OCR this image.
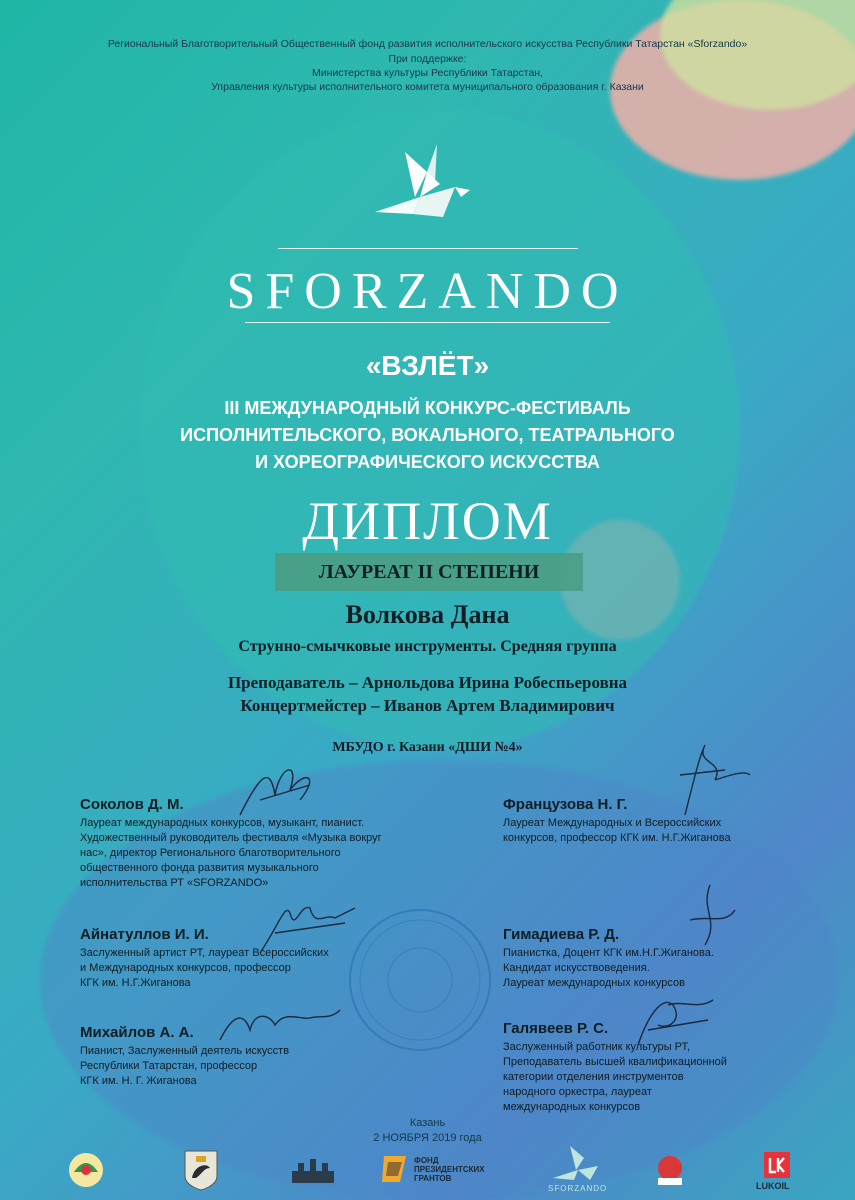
Региональный Благотворительный Общественный фонд развития исполнительского искусства Республики Татарстан «Sforzando»
При поддержке:
Министерства культуры Республики Татарстан,
Управления культуры исполнительного комитета муниципального образования г. Казани
SFORZANDO
«ВЗЛЁТ»
III МЕЖДУНАРОДНЫЙ КОНКУРС-ФЕСТИВАЛЬ
ИСПОЛНИТЕЛЬСКОГО, ВОКАЛЬНОГО, ТЕАТРАЛЬНОГО
И ХОРЕОГРАФИЧЕСКОГО ИСКУССТВА
ДИПЛОМ
ЛАУРЕАТ II СТЕПЕНИ
Волкова Дана
Струнно-смычковые инструменты. Средняя группа
Преподаватель – Арнольдова Ирина Робеспьеровна
Концертмейстер – Иванов Артем Владимирович
МБУДО г. Казани «ДШИ №4»
Соколов Д. М.
Лауреат международных конкурсов, музыкант, пианист.
Художественный руководитель фестиваля «Музыка вокруг
нас», директор Регионального благотворительного
общественного фонда развития музыкального
исполнительства РТ «SFORZANDO»
Французова Н. Г.
Лауреат Международных и Всероссийских
конкурсов, профессор КГК им. Н.Г.Жиганова
Айнатуллов И. И.
Заслуженный артист РТ, лауреат Всероссийских
и Международных конкурсов, профессор
КГК им. Н.Г.Жиганова
Гимадиева Р. Д.
Пианистка, Доцент КГК им.Н.Г.Жиганова.
Кандидат искусствоведения.
Лауреат международных конкурсов
Михайлов А. А.
Пианист, Заслуженный деятель искусств
Республики Татарстан, профессор
КГК им. Н. Г. Жиганова
Галявеев Р. С.
Заслуженный работник культуры РТ,
Преподаватель высшей квалификационной
категории отделения инструментов
народного оркестра, лауреат
международных конкурсов
Казань
2 НОЯБРЯ 2019 года
ФОНД
ПРЕЗИДЕНТСКИХ
ГРАНТОВ
SFORZANDO	LUKOIL
